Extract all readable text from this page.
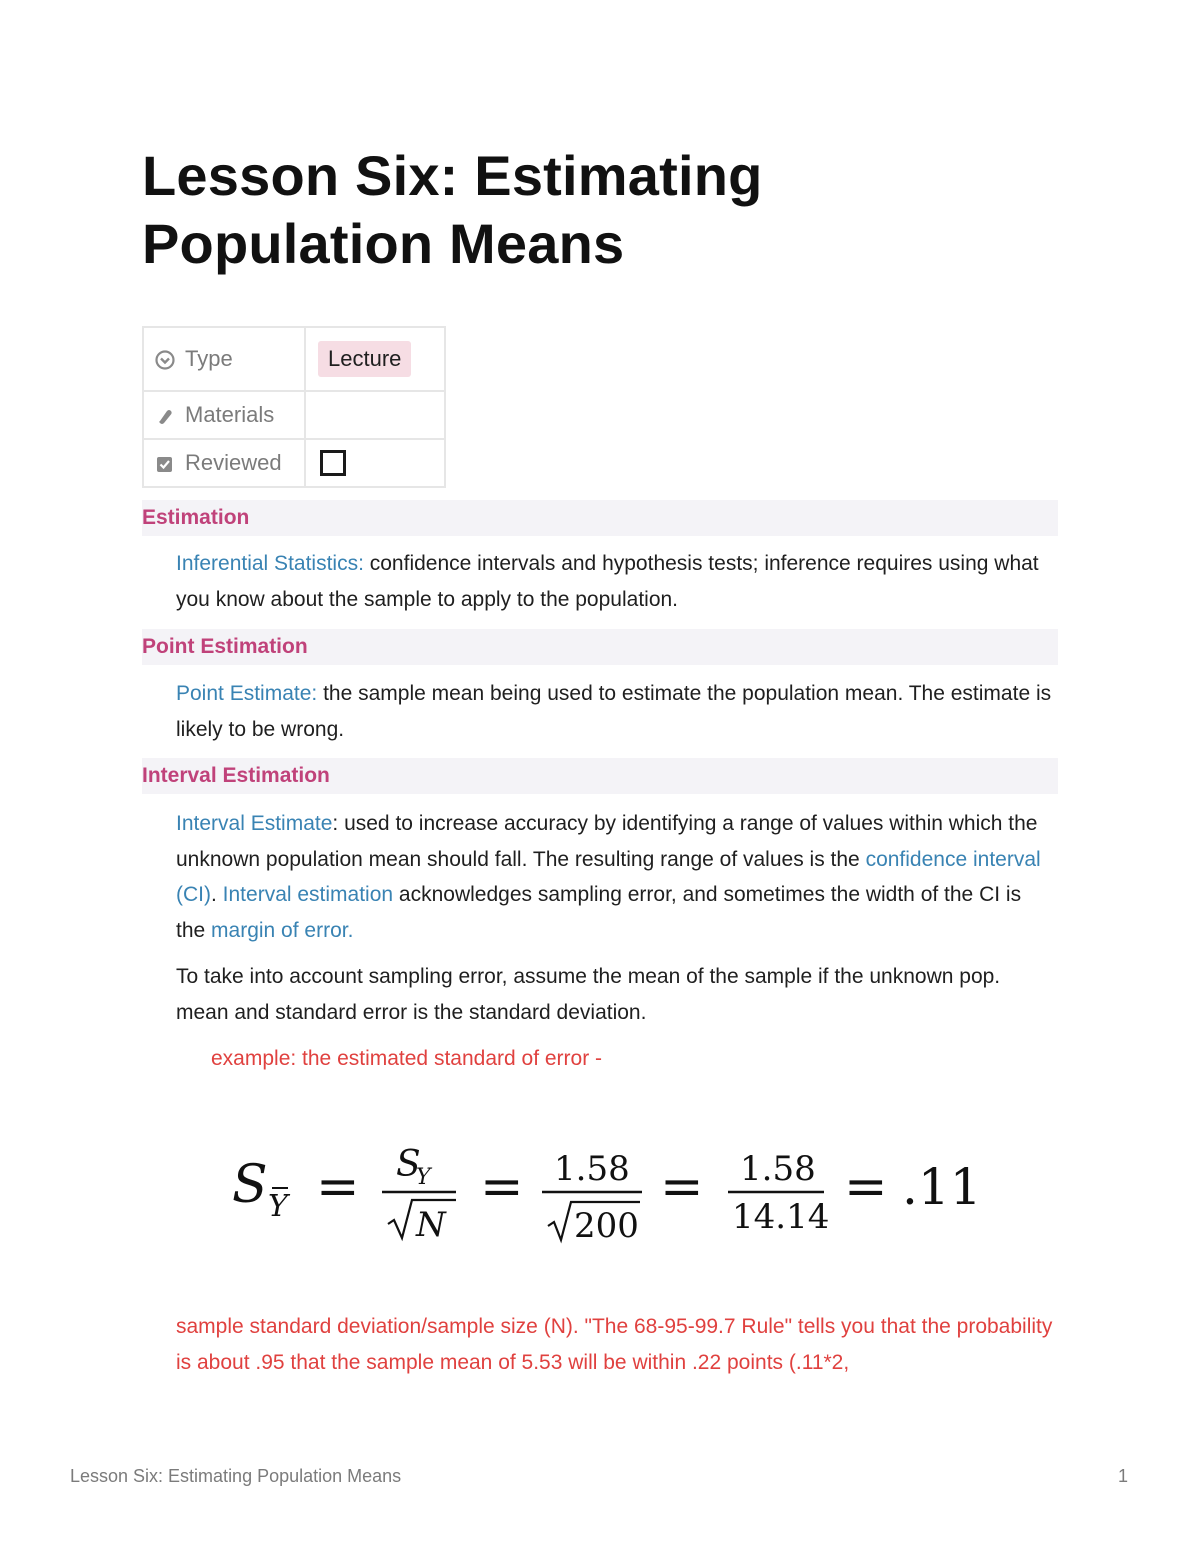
Lesson Six: Estimating Population Means
Type	Lecture
Materials	
Reviewed	
Estimation

Inferential Statistics: confidence intervals and hypothesis tests; inference requires using what you know about the sample to apply to the population.

Point Estimation

Point Estimate: the sample mean being used to estimate the population mean. The estimate is likely to be wrong.

Interval Estimation

Interval Estimate: used to increase accuracy by identifying a range of values within which the unknown population mean should fall. The resulting range of values is the confidence interval (CI). Interval estimation acknowledges sampling error, and sometimes the width of the CI is the margin of error.

To take into account sampling error, assume the mean of the sample if the unknown pop. mean and standard error is the standard deviation.

example: the estimated standard of error -

S Y = S
Y
N
= 1.58
200
= 1.58
14.14 = .11

sample standard deviation/sample size (N). "The 68-95-99.7 Rule" tells you that the probability is about .95 that the sample mean of 5.53 will be within .22 points (.11*2,

Lesson Six: Estimating Population Means	1
